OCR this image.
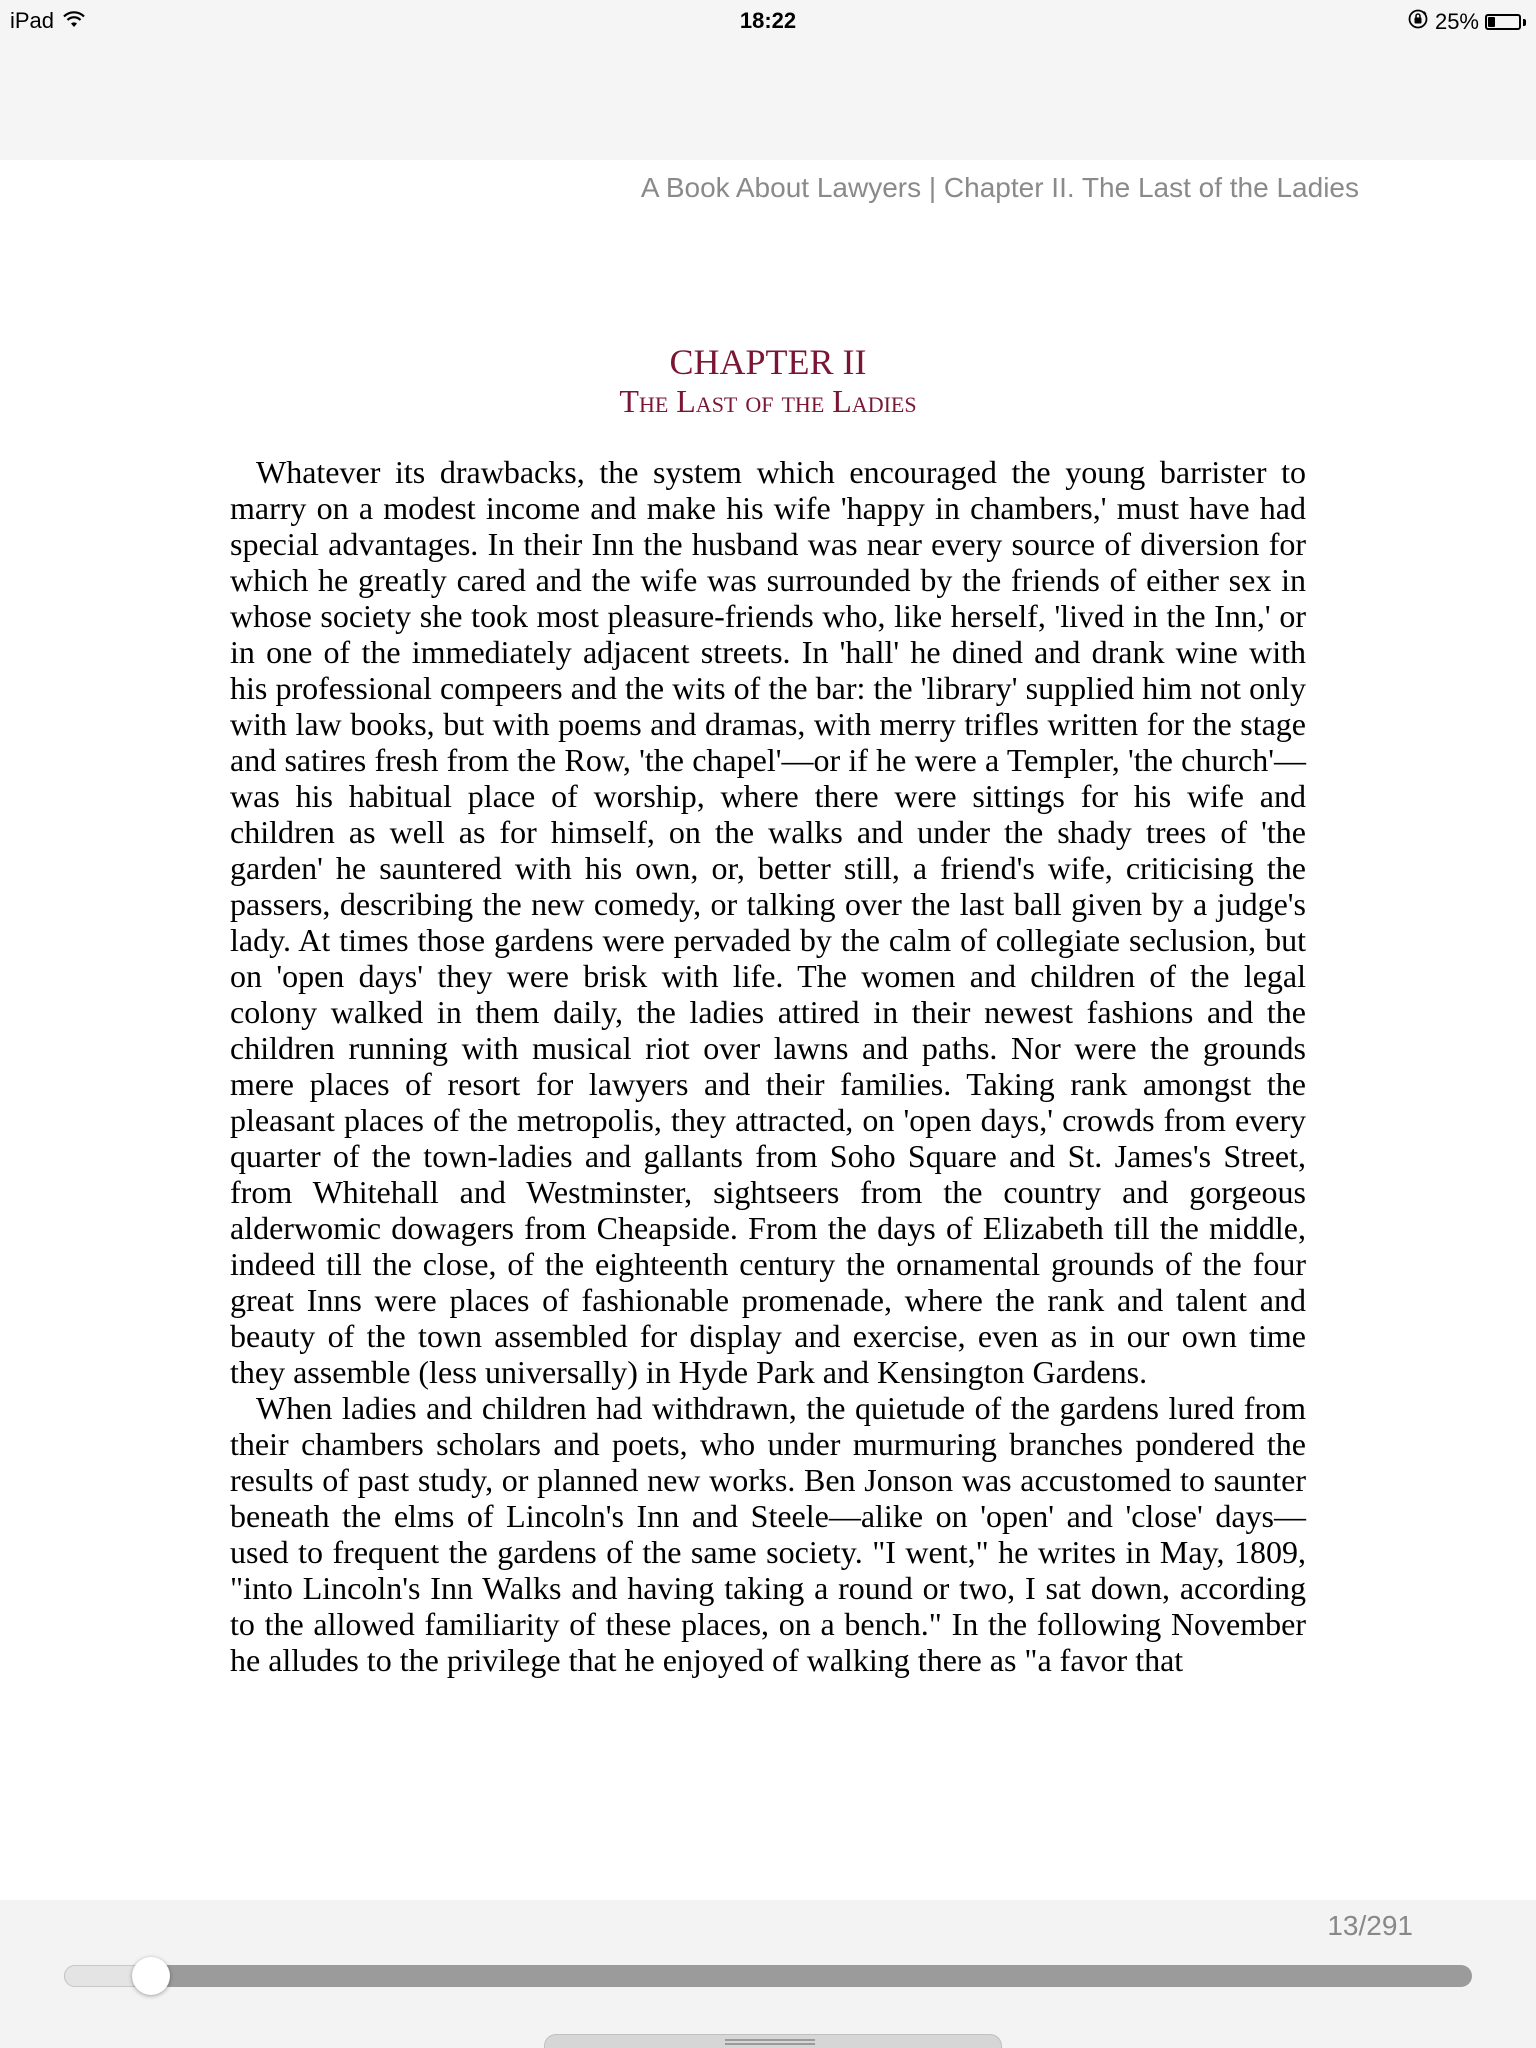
iPad	18:22	25%
A Book About Lawyers | Chapter II. The Last of the Ladies
CHAPTER II
The Last of the Ladies

Whatever its drawbacks, the system which encouraged the young barrister to marry on a modest income and make his wife 'happy in chambers,' must have had special advantages. In their Inn the husband was near every source of diversion for which he greatly cared and the wife was surrounded by the friends of either sex in whose society she took most pleasure-friends who, like herself, 'lived in the Inn,' or in one of the immediately adjacent streets. In 'hall' he dined and drank wine with his professional compeers and the wits of the bar: the 'library' supplied him not only with law books, but with poems and dramas, with merry trifles written for the stage and satires fresh from the Row, 'the chapel'—or if he were a Templer, 'the church'—was his habitual place of worship, where there were sittings for his wife and children as well as for himself, on the walks and under the shady trees of 'the garden' he sauntered with his own, or, better still, a friend's wife, criticising the passers, describing the new comedy, or talking over the last ball given by a judge's lady. At times those gardens were pervaded by the calm of collegiate seclusion, but on 'open days' they were brisk with life. The women and children of the legal colony walked in them daily, the ladies attired in their newest fashions and the children running with musical riot over lawns and paths. Nor were the grounds mere places of resort for lawyers and their families. Taking rank amongst the pleasant places of the metropolis, they attracted, on 'open days,' crowds from every quarter of the town-ladies and gallants from Soho Square and St. James's Street, from Whitehall and Westminster, sightseers from the country and gorgeous alderwomic dowagers from Cheapside. From the days of Elizabeth till the middle, indeed till the close, of the eighteenth century the ornamental grounds of the four great Inns were places of fashionable promenade, where the rank and talent and beauty of the town assembled for display and exercise, even as in our own time they assemble (less universally) in Hyde Park and Kensington Gardens.

When ladies and children had withdrawn, the quietude of the gardens lured from their chambers scholars and poets, who under murmuring branches pondered the results of past study, or planned new works. Ben Jonson was accustomed to saunter beneath the elms of Lincoln's Inn and Steele—alike on 'open' and 'close' days—used to frequent the gardens of the same society. "I went," he writes in May, 1809, "into Lincoln's Inn Walks and having taking a round or two, I sat down, according to the allowed familiarity of these places, on a bench." In the following November he alludes to the privilege that he enjoyed of walking there as "a favor that

13/291
